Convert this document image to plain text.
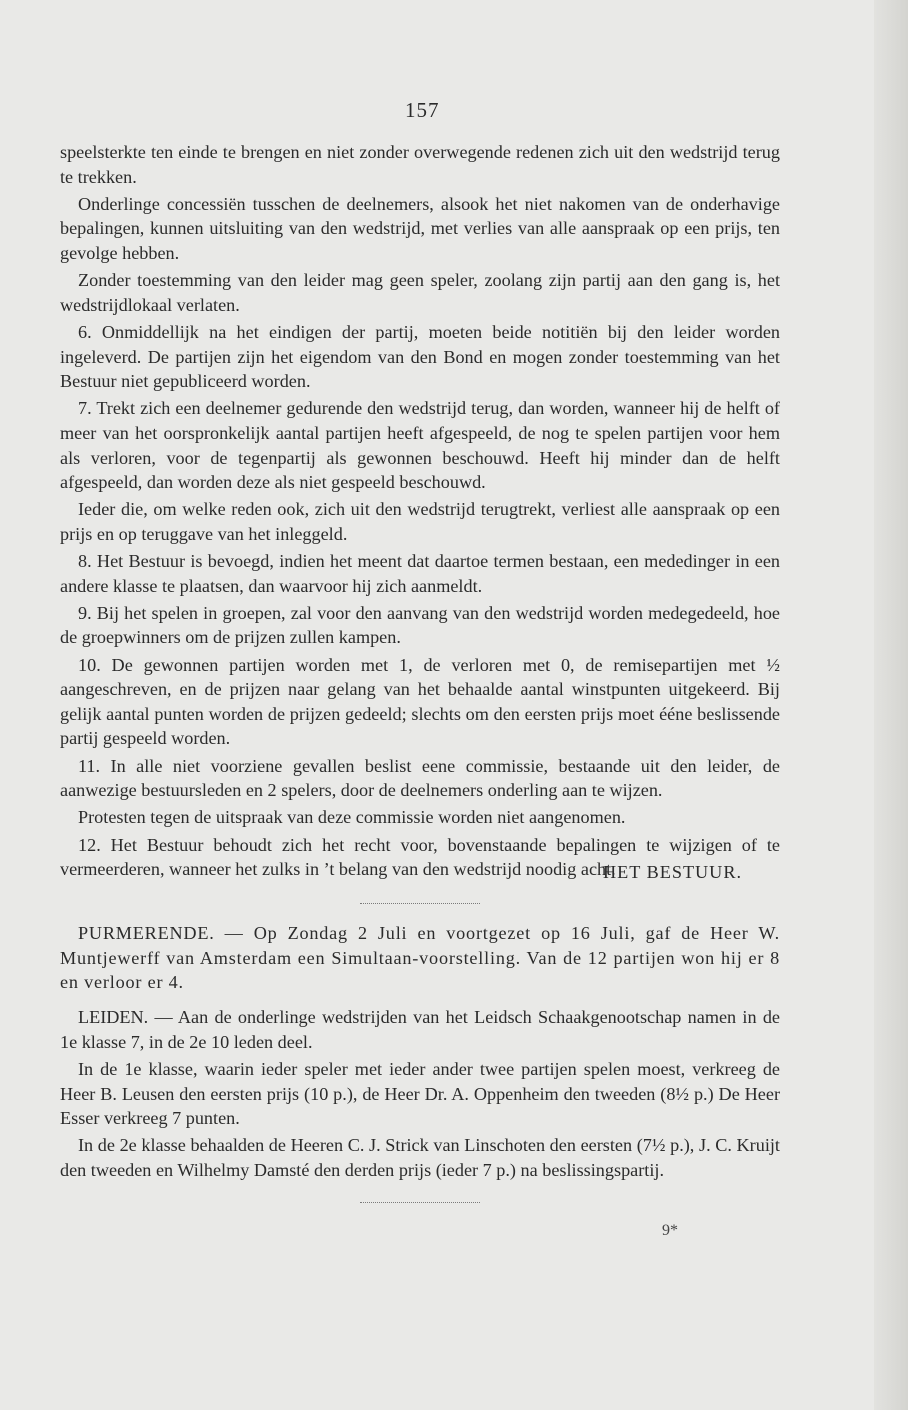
157

speelsterkte ten einde te brengen en niet zonder overwegende redenen zich uit den wedstrijd terug te trekken.

Onderlinge concessiën tusschen de deelnemers, alsook het niet nakomen van de onderhavige bepalingen, kunnen uitsluiting van den wedstrijd, met verlies van alle aanspraak op een prijs, ten gevolge hebben.

Zonder toestemming van den leider mag geen speler, zoolang zijn partij aan den gang is, het wedstrijdlokaal verlaten.

6. Onmiddellijk na het eindigen der partij, moeten beide notitiën bij den leider worden ingeleverd. De partijen zijn het eigendom van den Bond en mogen zonder toestemming van het Bestuur niet gepubliceerd worden.

7. Trekt zich een deelnemer gedurende den wedstrijd terug, dan worden, wanneer hij de helft of meer van het oorspronkelijk aantal partijen heeft afgespeeld, de nog te spelen partijen voor hem als verloren, voor de tegenpartij als gewonnen beschouwd. Heeft hij minder dan de helft afgespeeld, dan worden deze als niet gespeeld beschouwd.

Ieder die, om welke reden ook, zich uit den wedstrijd terugtrekt, verliest alle aanspraak op een prijs en op teruggave van het inleggeld.

8. Het Bestuur is bevoegd, indien het meent dat daartoe termen bestaan, een mededinger in een andere klasse te plaatsen, dan waarvoor hij zich aanmeldt.

9. Bij het spelen in groepen, zal voor den aanvang van den wedstrijd worden medegedeeld, hoe de groepwinners om de prijzen zullen kampen.

10. De gewonnen partijen worden met 1, de verloren met 0, de remisepartijen met ½ aangeschreven, en de prijzen naar gelang van het behaalde aantal winstpunten uitgekeerd. Bij gelijk aantal punten worden de prijzen gedeeld; slechts om den eersten prijs moet ééne beslissende partij gespeeld worden.

11. In alle niet voorziene gevallen beslist eene commissie, bestaande uit den leider, de aanwezige bestuursleden en 2 spelers, door de deelnemers onderling aan te wijzen.

Protesten tegen de uitspraak van deze commissie worden niet aangenomen.

12. Het Bestuur behoudt zich het recht voor, bovenstaande bepalingen te wijzigen of te vermeerderen, wanneer het zulks in ’t belang van den wedstrijd noodig acht.

HET BESTUUR.

PURMERENDE. — Op Zondag 2 Juli en voortgezet op 16 Juli, gaf de Heer W. Muntjewerff van Amsterdam een Simultaan-voorstelling. Van de 12 partijen won hij er 8 en verloor er 4.

LEIDEN. — Aan de onderlinge wedstrijden van het Leidsch Schaakgenootschap namen in de 1e klasse 7, in de 2e 10 leden deel.

In de 1e klasse, waarin ieder speler met ieder ander twee partijen spelen moest, verkreeg de Heer B. Leusen den eersten prijs (10 p.), de Heer Dr. A. Oppenheim den tweeden (8½ p.) De Heer Esser verkreeg 7 punten.

In de 2e klasse behaalden de Heeren C. J. Strick van Linschoten den eersten (7½ p.), J. C. Kruijt den tweeden en Wilhelmy Damsté den derden prijs (ieder 7 p.) na beslissingspartij.

9*
